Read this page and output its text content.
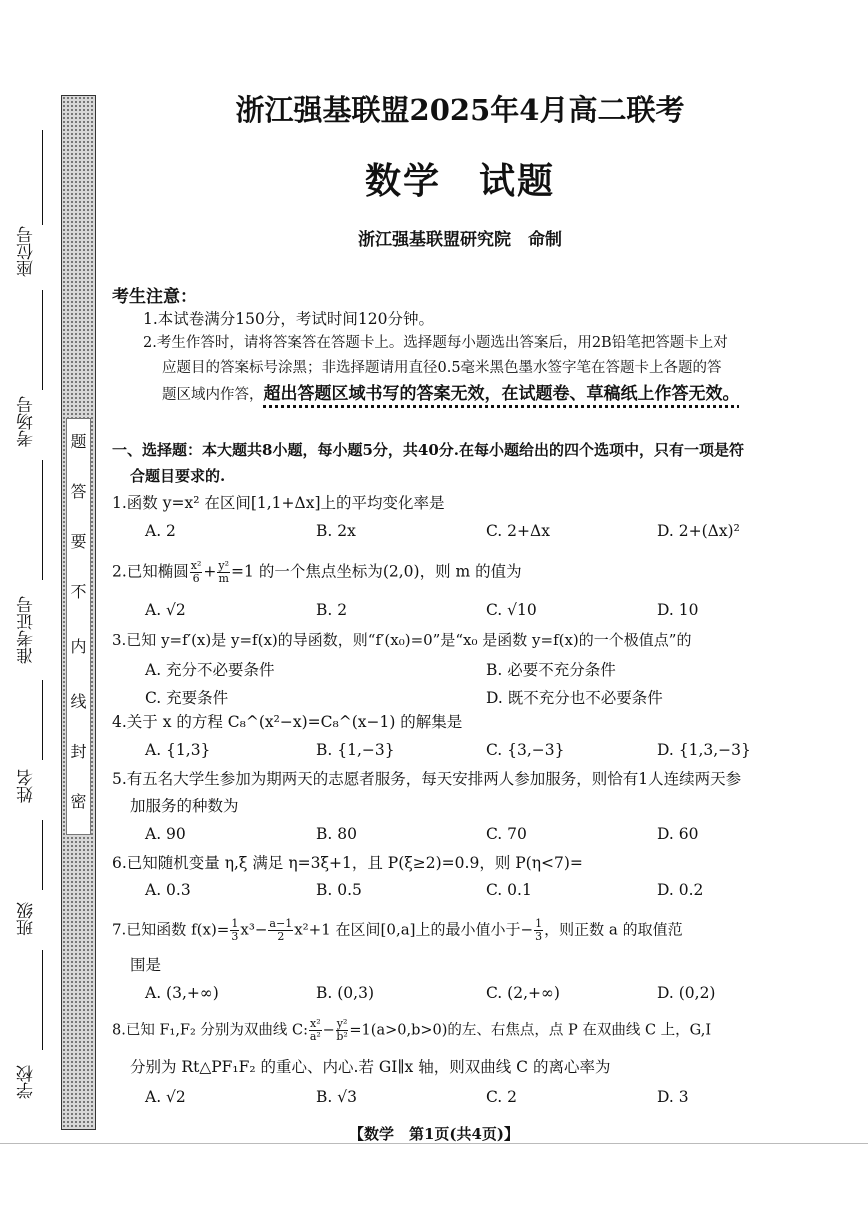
座位号
考场号
准考证号
姓名
班级
学校
题
答
要
不
内
线
封
密
浙江强基联盟2025年4月高二联考
数学　试题
浙江强基联盟研究院　命制
考生注意：
1.本试卷满分150分，考试时间120分钟。
2.考生作答时，请将答案答在答题卡上。选择题每小题选出答案后，用2B铅笔把答题卡上对
应题目的答案标号涂黑；非选择题请用直径0.5毫米黑色墨水签字笔在答题卡上各题的答
题区域内作答，超出答题区域书写的答案无效，在试题卷、草稿纸上作答无效。
一、选择题：本大题共8小题，每小题5分，共40分.在每小题给出的四个选项中，只有一项是符
合题目要求的.
1.函数 y=x² 在区间[1,1+Δx]上的平均变化率是
A. 2	B. 2x	C. 2+Δx	D. 2+(Δx)²
2.已知椭圆 $\frac{\text{x²}}{6} + \frac{\text{y²}}{m} =1$ 的一个焦点坐标为(2,0)，则 m 的值为
A. √2	B. 2	C. √10	D. 10
3.已知 y=f′(x)是 y=f(x)的导函数，则“f′(x₀)=0”是“x₀ 是函数 y=f(x)的一个极值点”的
A. 充分不必要条件	B. 必要不充分条件
C. 充要条件	D. 既不充分也不必要条件
4.关于 x 的方程 C₈^(x²−x)=C₈^(x−1) 的解集是
A. {1,3}	B. {1,−3}	C. {3,−3}	D. {1,3,−3}
5.有五名大学生参加为期两天的志愿者服务，每天安排两人参加服务，则恰有1人连续两天参
加服务的种数为
A. 90	B. 80	C. 70	D. 60
6.已知随机变量 η,ξ 满足 η=3ξ+1，且 P(ξ≥2)=0.9，则 P(η<7)=
A. 0.3	B. 0.5	C. 0.1	D. 0.2
7.已知函数 $f(x)= \frac{1}{3} x^3- \frac{a-1}{2} x^2+1$ 在区间[0,a]上的最小值小于− $\frac{1}{3}$ ，则正数 a 的取值范
围是
A. (3,+∞)	B. (0,3)	C. (2,+∞)	D. (0,2)
8.已知 F₁,F₂ 分别为双曲线 C: $\frac{\text{x²}}{\text{a²}} - \frac{\text{y²}}{\text{b²}} =1(a>0,b>0)$的左、右焦点，点 P 在双曲线 C 上，G,I
分别为 Rt△PF₁F₂ 的重心、内心.若 GI∥x 轴，则双曲线 C 的离心率为
A. √2	B. √3	C. 2	D. 3
【数学　第1页(共4页)】
